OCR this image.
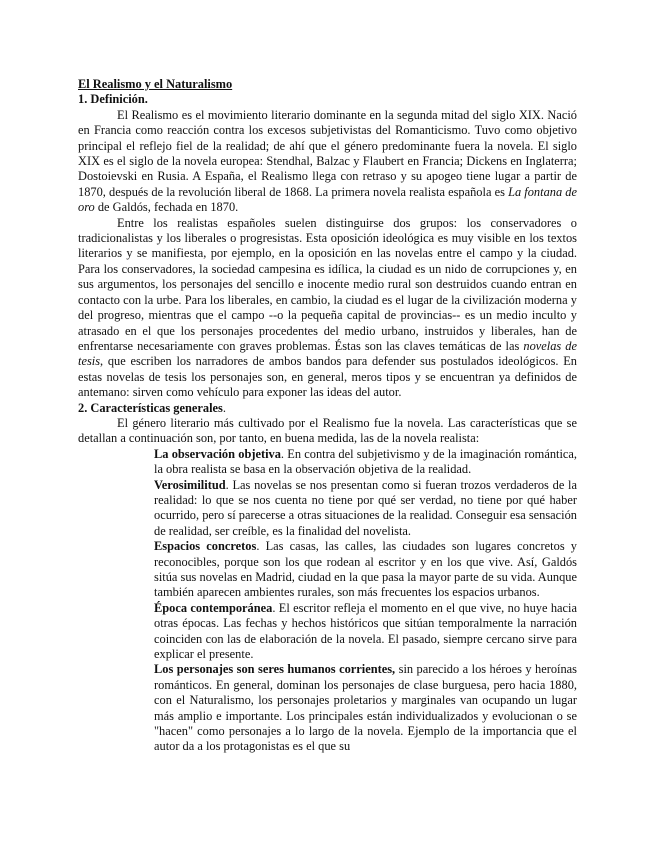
El Realismo y el Naturalismo
1. Definición.

El Realismo es el movimiento literario dominante en la segunda mitad del siglo XIX. Nació en Francia como reacción contra los excesos subjetivistas del Romanticismo. Tuvo como objetivo principal el reflejo fiel de la realidad; de ahí que el género predominante fuera la novela. El siglo XIX es el siglo de la novela europea: Stendhal, Balzac y Flaubert en Francia; Dickens en Inglaterra; Dostoievski en Rusia. A España, el Realismo llega con retraso y su apogeo tiene lugar a partir de 1870, después de la revolución liberal de 1868. La primera novela realista española es La fontana de oro de Galdós, fechada en 1870.

Entre los realistas españoles suelen distinguirse dos grupos: los conservadores o tradicionalistas y los liberales o progresistas. Esta oposición ideológica es muy visible en los textos literarios y se manifiesta, por ejemplo, en la oposición en las novelas entre el campo y la ciudad. Para los conservadores, la sociedad campesina es idílica, la ciudad es un nido de corrupciones y, en sus argumentos, los personajes del sencillo e inocente medio rural son destruidos cuando entran en contacto con la urbe. Para los liberales, en cambio, la ciudad es el lugar de la civilización moderna y del progreso, mientras que el campo --o la pequeña capital de provincias-- es un medio inculto y atrasado en el que los personajes procedentes del medio urbano, instruidos y liberales, han de enfrentarse necesariamente con graves problemas. Éstas son las claves temáticas de las novelas de tesis, que escriben los narradores de ambos bandos para defender sus postulados ideológicos. En estas novelas de tesis los personajes son, en general, meros tipos y se encuentran ya definidos de antemano: sirven como vehículo para exponer las ideas del autor.

2. Características generales.

El género literario más cultivado por el Realismo fue la novela. Las características que se detallan a continuación son, por tanto, en buena medida, las de la novela realista:

La observación objetiva. En contra del subjetivismo y de la imaginación romántica, la obra realista se basa en la observación objetiva de la realidad.
Verosimilitud. Las novelas se nos presentan como si fueran trozos verdaderos de la realidad: lo que se nos cuenta no tiene por qué ser verdad, no tiene por qué haber ocurrido, pero sí parecerse a otras situaciones de la realidad. Conseguir esa sensación de realidad, ser creíble, es la finalidad del novelista.
Espacios concretos. Las casas, las calles, las ciudades son lugares concretos y reconocibles, porque son los que rodean al escritor y en los que vive. Así, Galdós sitúa sus novelas en Madrid, ciudad en la que pasa la mayor parte de su vida. Aunque también aparecen ambientes rurales, son más frecuentes los espacios urbanos.
Época contemporánea. El escritor refleja el momento en el que vive, no huye hacia otras épocas. Las fechas y hechos históricos que sitúan temporalmente la narración coinciden con las de elaboración de la novela. El pasado, siempre cercano sirve para explicar el presente.
Los personajes son seres humanos corrientes, sin parecido a los héroes y heroínas románticos. En general, dominan los personajes de clase burguesa, pero hacia 1880, con el Naturalismo, los personajes proletarios y marginales van ocupando un lugar más amplio e importante. Los principales están individualizados y evolucionan o se "hacen" como personajes a lo largo de la novela. Ejemplo de la importancia que el autor da a los protagonistas es el que su
